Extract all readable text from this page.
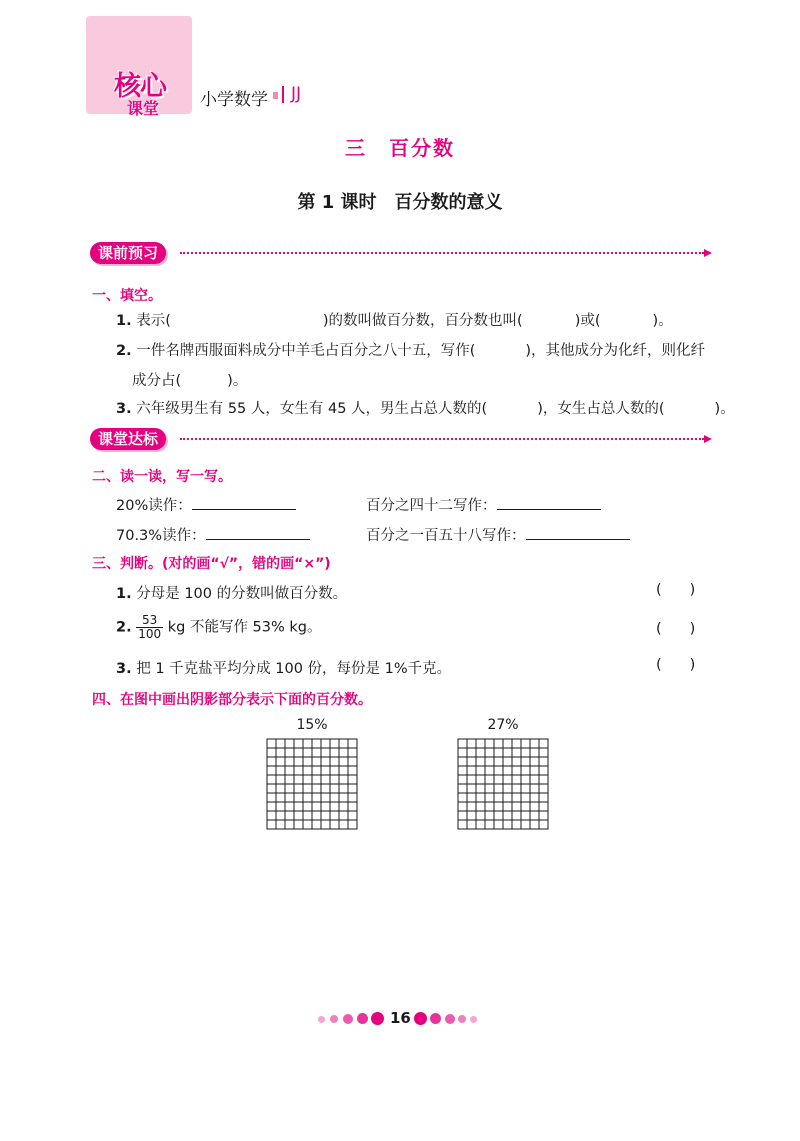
核心
课堂	小学数学 JJ
三　百分数
第 1 课时　百分数的意义
课前预习
一、填空。
1. 表示(	)的数叫做百分数，百分数也叫(	)或(	)。
2. 一件名牌西服面料成分中羊毛占百分之八十五，写作(	)，其他成分为化纤，则化纤
成分占(	)。
3. 六年级男生有 55 人，女生有 45 人，男生占总人数的(	)，女生占总人数的(	)。
课堂达标
二、读一读，写一写。
20%读作：	百分之四十二写作：
70.3%读作：	百分之一百五十八写作：
三、判断。(对的画“√”，错的画“×”)
1. 分母是 100 的分数叫做百分数。	( )
2. $\frac{53}{100}$ kg 不能写作 53% kg。	( )
3. 把 1 千克盐平均分成 100 份，每份是 1%千克。	( )
四、在图中画出阴影部分表示下面的百分数。
15%	27%
16
